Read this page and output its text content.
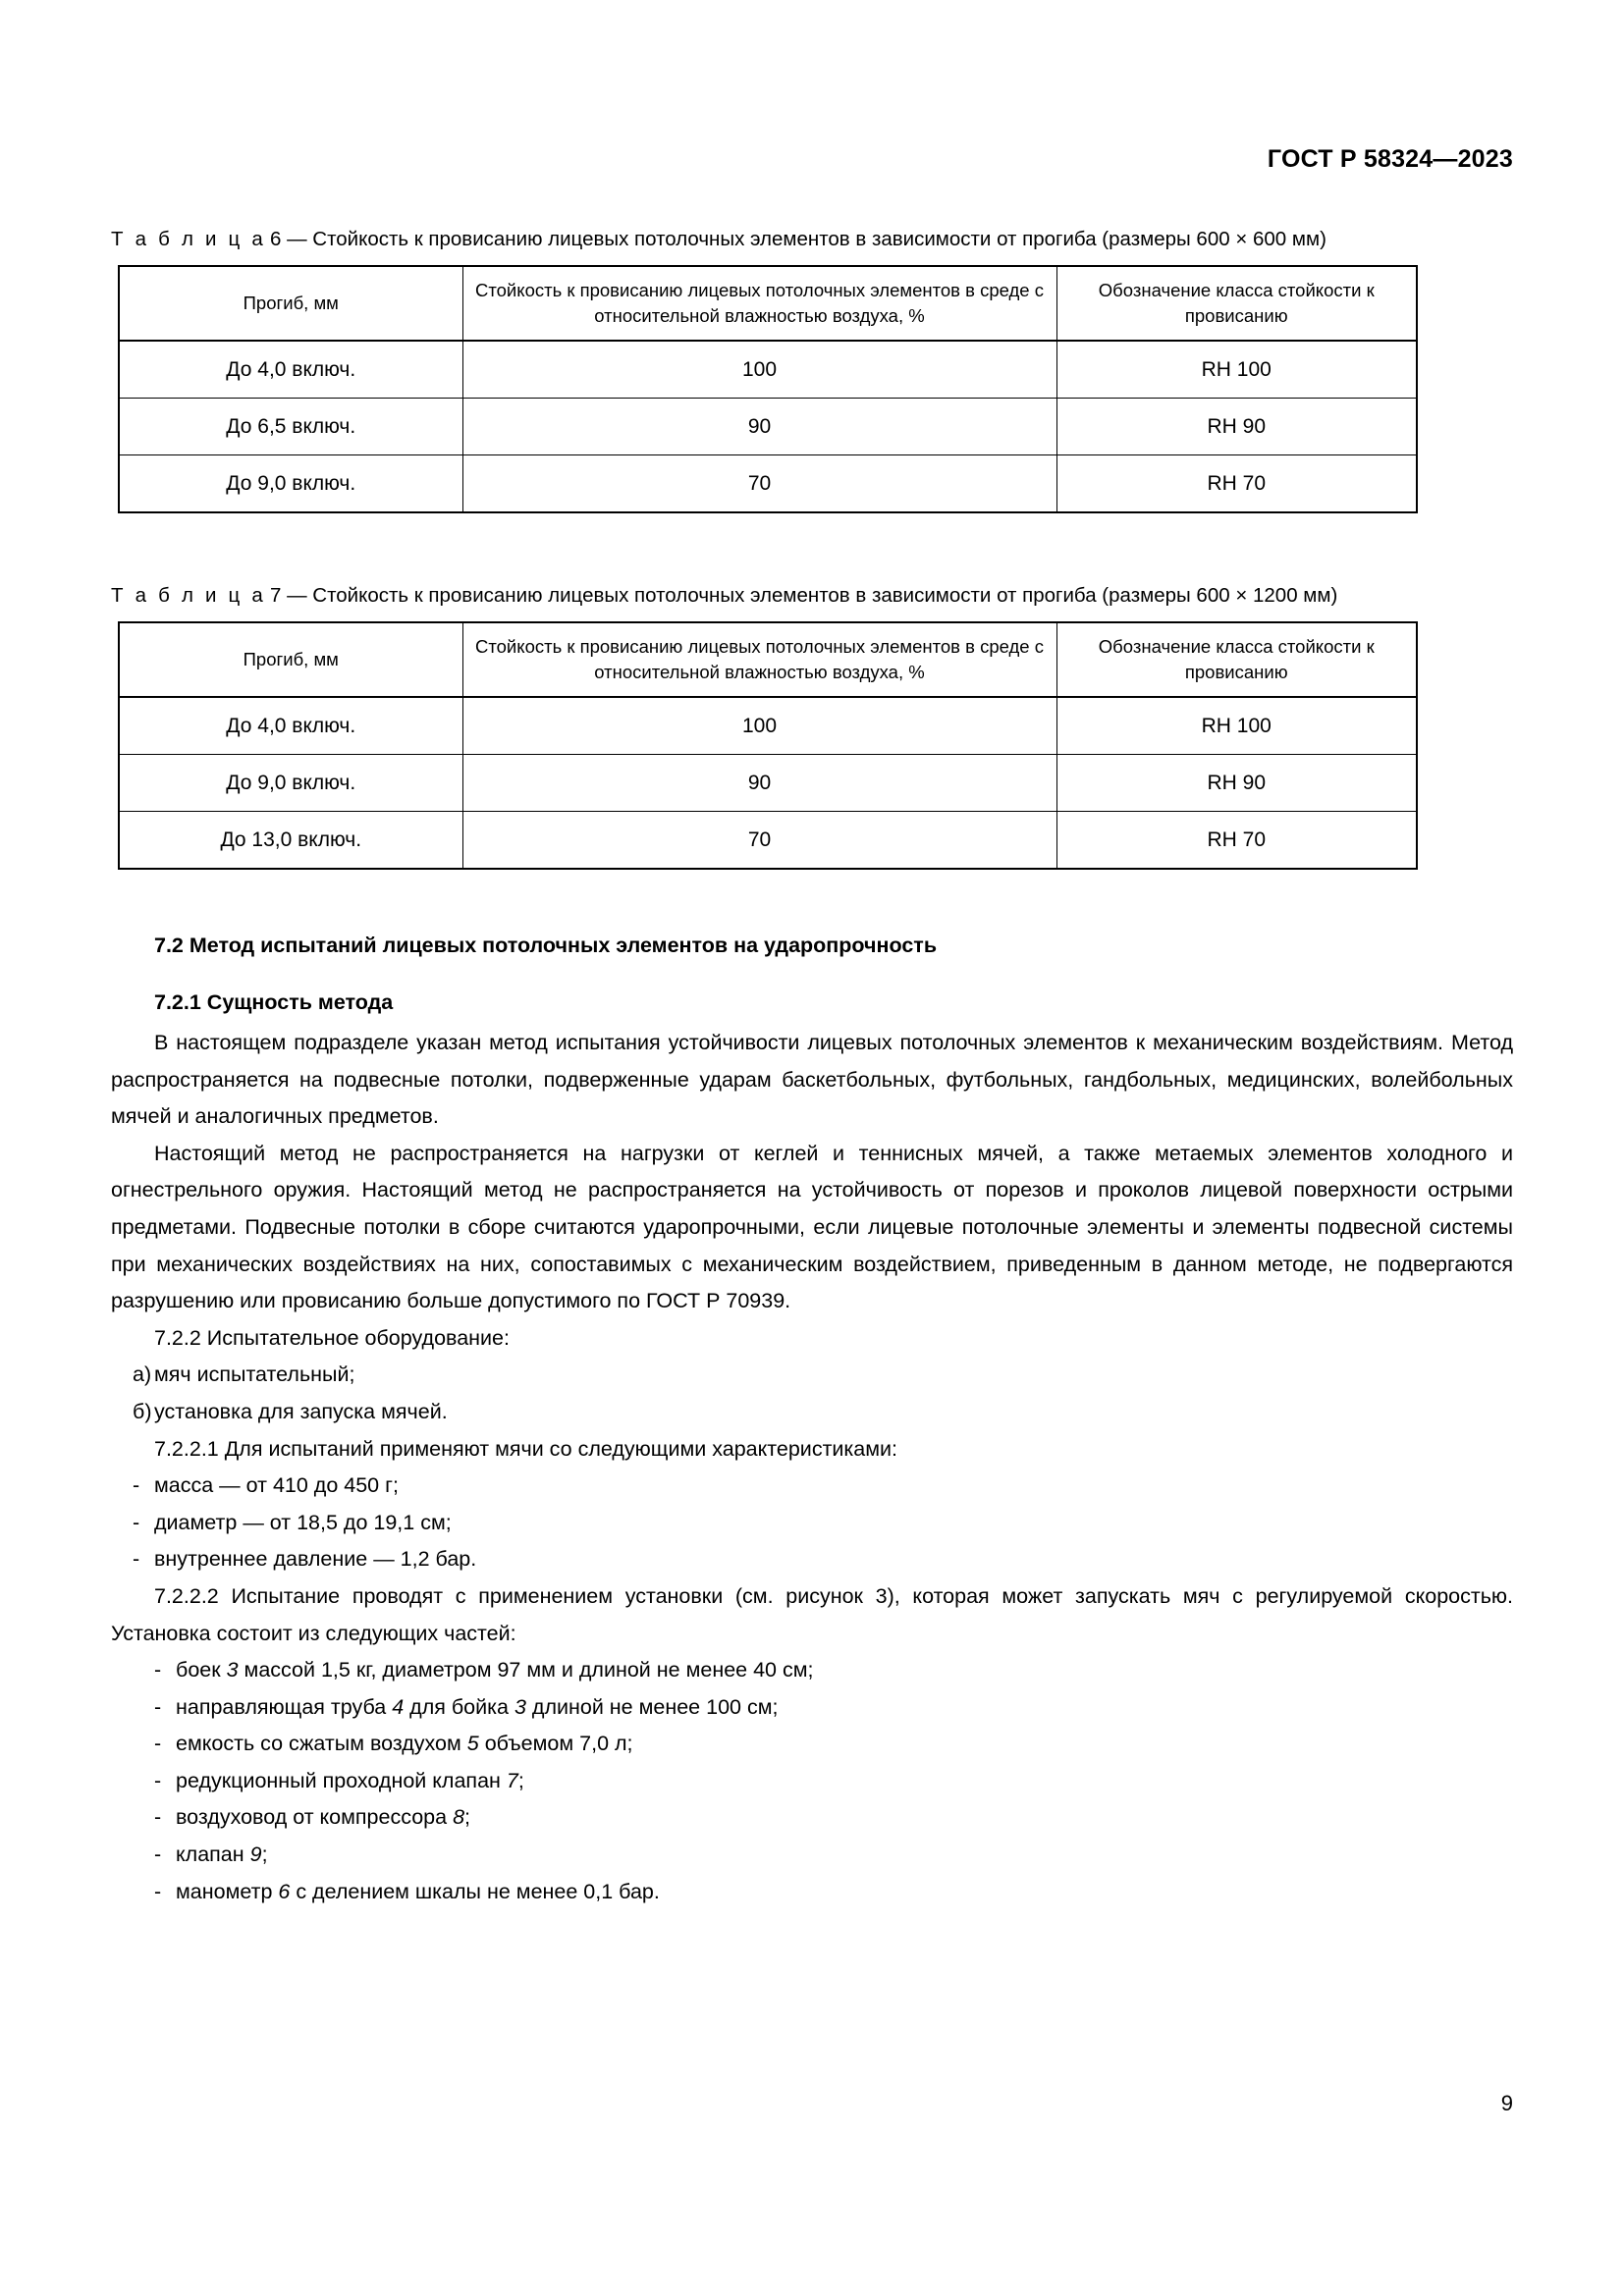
ГОСТ Р 58324—2023

Т а б л и ц а 6 — Стойкость к провисанию лицевых потолочных элементов в зависимости от прогиба (размеры 600 × 600 мм)

Прогиб, мм	Стойкость к провисанию лицевых потолочных элементов в среде с относительной влажностью воздуха, %	Обозначение класса стойкости к провисанию
До 4,0 включ.	100	RH 100
До 6,5 включ.	90	RH 90
До 9,0 включ.	70	RH 70

Т а б л и ц а 7 — Стойкость к провисанию лицевых потолочных элементов в зависимости от прогиба (размеры 600 × 1200 мм)

Прогиб, мм	Стойкость к провисанию лицевых потолочных элементов в среде с относительной влажностью воздуха, %	Обозначение класса стойкости к провисанию
До 4,0 включ.	100	RH 100
До 9,0 включ.	90	RH 90
До 13,0 включ.	70	RH 70
7.2 Метод испытаний лицевых потолочных элементов на ударопрочность
7.2.1 Сущность метода

В настоящем подразделе указан метод испытания устойчивости лицевых потолочных элементов к механическим воздействиям. Метод распространяется на подвесные потолки, подверженные ударам баскетбольных, футбольных, гандбольных, медицинских, волейбольных мячей и аналогичных предметов.

Настоящий метод не распространяется на нагрузки от кеглей и теннисных мячей, а также метаемых элементов холодного и огнестрельного оружия. Настоящий метод не распространяется на устойчивость от порезов и проколов лицевой поверхности острыми предметами. Подвесные потолки в сборе считаются ударопрочными, если лицевые потолочные элементы и элементы подвесной системы при механических воздействиях на них, сопоставимых с механическим воздействием, приведенным в данном методе, не подвергаются разрушению или провисанию больше допустимого по ГОСТ Р 70939.

7.2.2 Испытательное оборудование:

а) мяч испытательный;
б) установка для запуска мячей.

7.2.2.1 Для испытаний применяют мячи со следующими характеристиками:

- масса — от 410 до 450 г;
- диаметр — от 18,5 до 19,1 см;
- внутреннее давление — 1,2 бар.

7.2.2.2 Испытание проводят с применением установки (см. рисунок 3), которая может запускать мяч с регулируемой скоростью. Установка состоит из следующих частей:

- боек 3 массой 1,5 кг, диаметром 97 мм и длиной не менее 40 см;
- направляющая труба 4 для бойка 3 длиной не менее 100 см;
- емкость со сжатым воздухом 5 объемом 7,0 л;
- редукционный проходной клапан 7;
- воздуховод от компрессора 8;
- клапан 9;
- манометр 6 с делением шкалы не менее 0,1 бар.
9
